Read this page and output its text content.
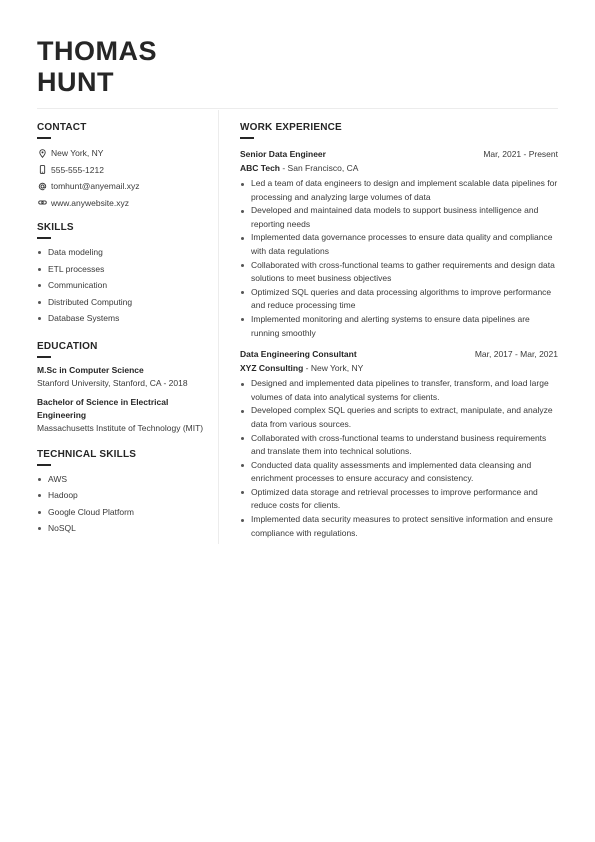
THOMAS
HUNT
CONTACT
New York, NY
555-555-1212
tomhunt@anyemail.xyz
www.anywebsite.xyz
SKILLS
Data modeling
ETL processes
Communication
Distributed Computing
Database Systems
EDUCATION
M.Sc in Computer Science
Stanford University, Stanford, CA - 2018
Bachelor of Science in Electrical Engineering
Massachusetts Institute of Technology (MIT)
TECHNICAL SKILLS
AWS
Hadoop
Google Cloud Platform
NoSQL
WORK EXPERIENCE
Senior Data Engineer	Mar, 2021 - Present
ABC Tech - San Francisco, CA
Led a team of data engineers to design and implement scalable data pipelines for processing and analyzing large volumes of data
Developed and maintained data models to support business intelligence and reporting needs
Implemented data governance processes to ensure data quality and compliance with data regulations
Collaborated with cross-functional teams to gather requirements and design data solutions to meet business objectives
Optimized SQL queries and data processing algorithms to improve performance and reduce processing time
Implemented monitoring and alerting systems to ensure data pipelines are running smoothly
Data Engineering Consultant	Mar, 2017 - Mar, 2021
XYZ Consulting - New York, NY
Designed and implemented data pipelines to transfer, transform, and load large volumes of data into analytical systems for clients.
Developed complex SQL queries and scripts to extract, manipulate, and analyze data from various sources.
Collaborated with cross-functional teams to understand business requirements and translate them into technical solutions.
Conducted data quality assessments and implemented data cleansing and enrichment processes to ensure accuracy and consistency.
Optimized data storage and retrieval processes to improve performance and reduce costs for clients.
Implemented data security measures to protect sensitive information and ensure compliance with regulations.
